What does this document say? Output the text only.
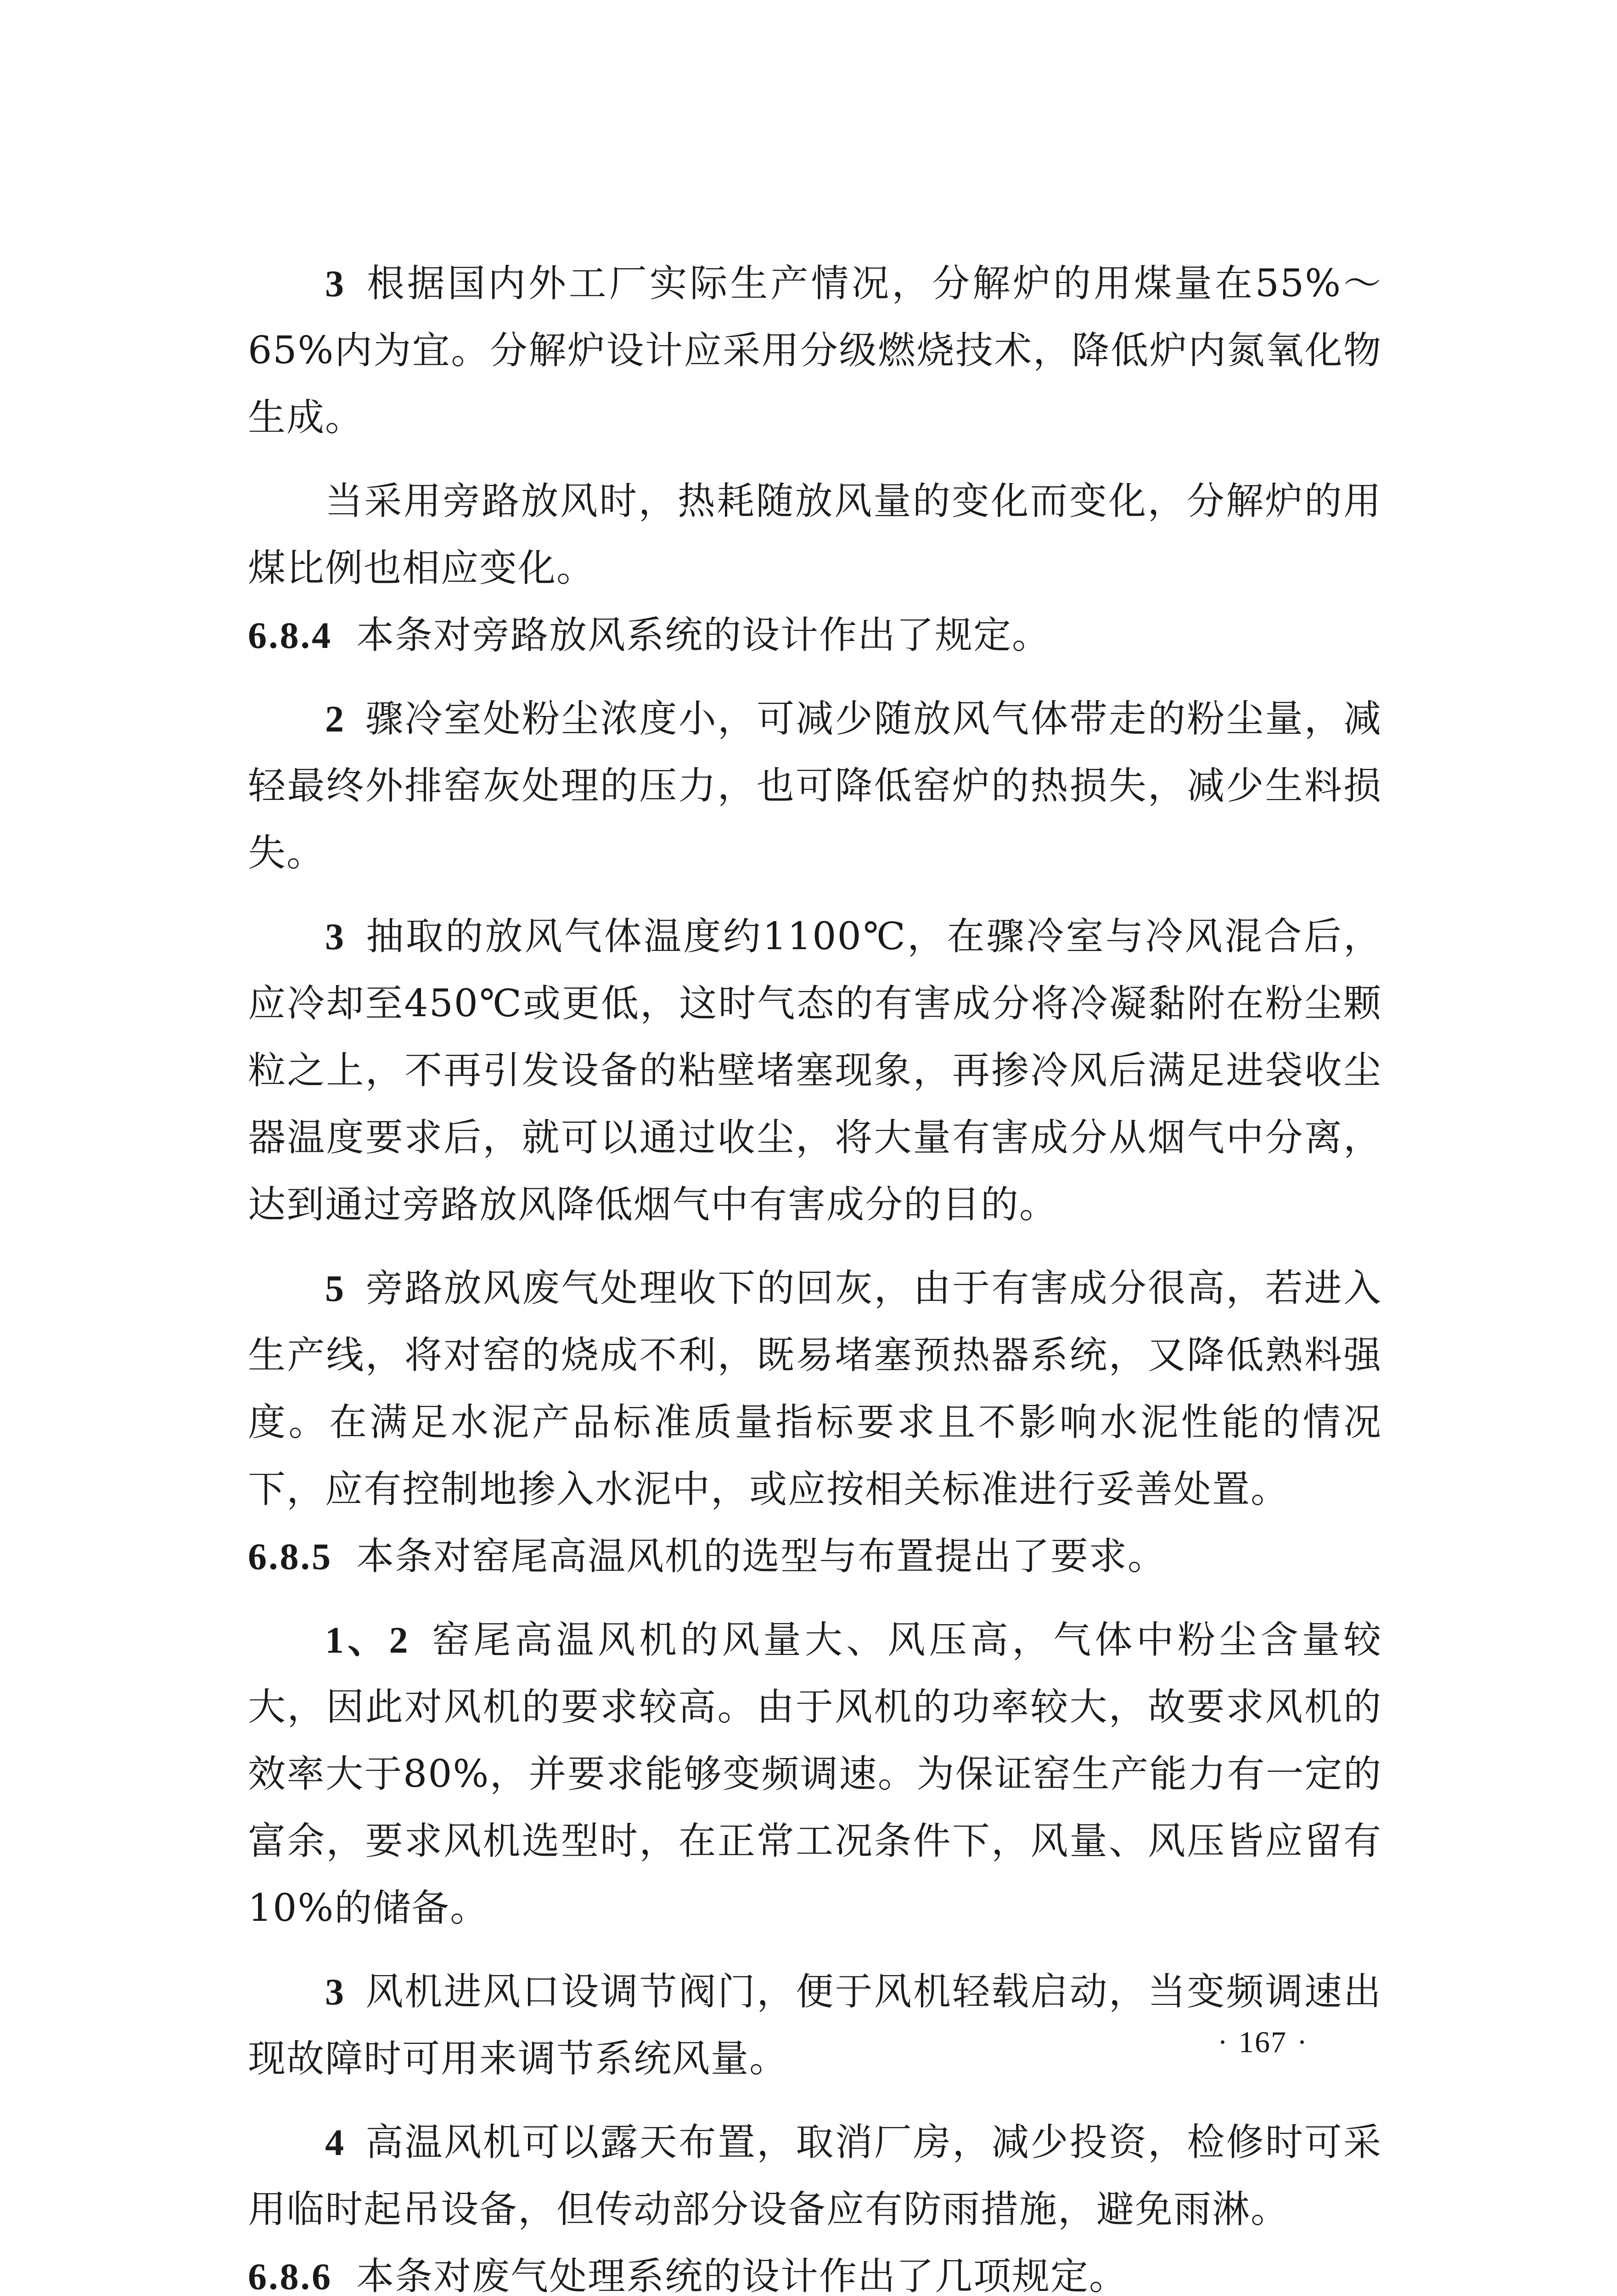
3 根据国内外工厂实际生产情况，分解炉的用煤量在55%～65%内为宜。分解炉设计应采用分级燃烧技术，降低炉内氮氧化物生成。

当采用旁路放风时，热耗随放风量的变化而变化，分解炉的用煤比例也相应变化。

6.8.4 本条对旁路放风系统的设计作出了规定。

2 骤冷室处粉尘浓度小，可减少随放风气体带走的粉尘量，减轻最终外排窑灰处理的压力，也可降低窑炉的热损失，减少生料损失。

3 抽取的放风气体温度约1100℃，在骤冷室与冷风混合后，应冷却至450℃或更低，这时气态的有害成分将冷凝黏附在粉尘颗粒之上，不再引发设备的粘壁堵塞现象，再掺冷风后满足进袋收尘器温度要求后，就可以通过收尘，将大量有害成分从烟气中分离，达到通过旁路放风降低烟气中有害成分的目的。

5 旁路放风废气处理收下的回灰，由于有害成分很高，若进入生产线，将对窑的烧成不利，既易堵塞预热器系统，又降低熟料强度。在满足水泥产品标准质量指标要求且不影响水泥性能的情况下，应有控制地掺入水泥中，或应按相关标准进行妥善处置。

6.8.5 本条对窑尾高温风机的选型与布置提出了要求。

1、2 窑尾高温风机的风量大、风压高，气体中粉尘含量较大，因此对风机的要求较高。由于风机的功率较大，故要求风机的效率大于80%，并要求能够变频调速。为保证窑生产能力有一定的富余，要求风机选型时，在正常工况条件下，风量、风压皆应留有10%的储备。

3 风机进风口设调节阀门，便于风机轻载启动，当变频调速出现故障时可用来调节系统风量。

4 高温风机可以露天布置，取消厂房，减少投资，检修时可采用临时起吊设备，但传动部分设备应有防雨措施，避免雨淋。

6.8.6 本条对废气处理系统的设计作出了几项规定。

· 167 ·
